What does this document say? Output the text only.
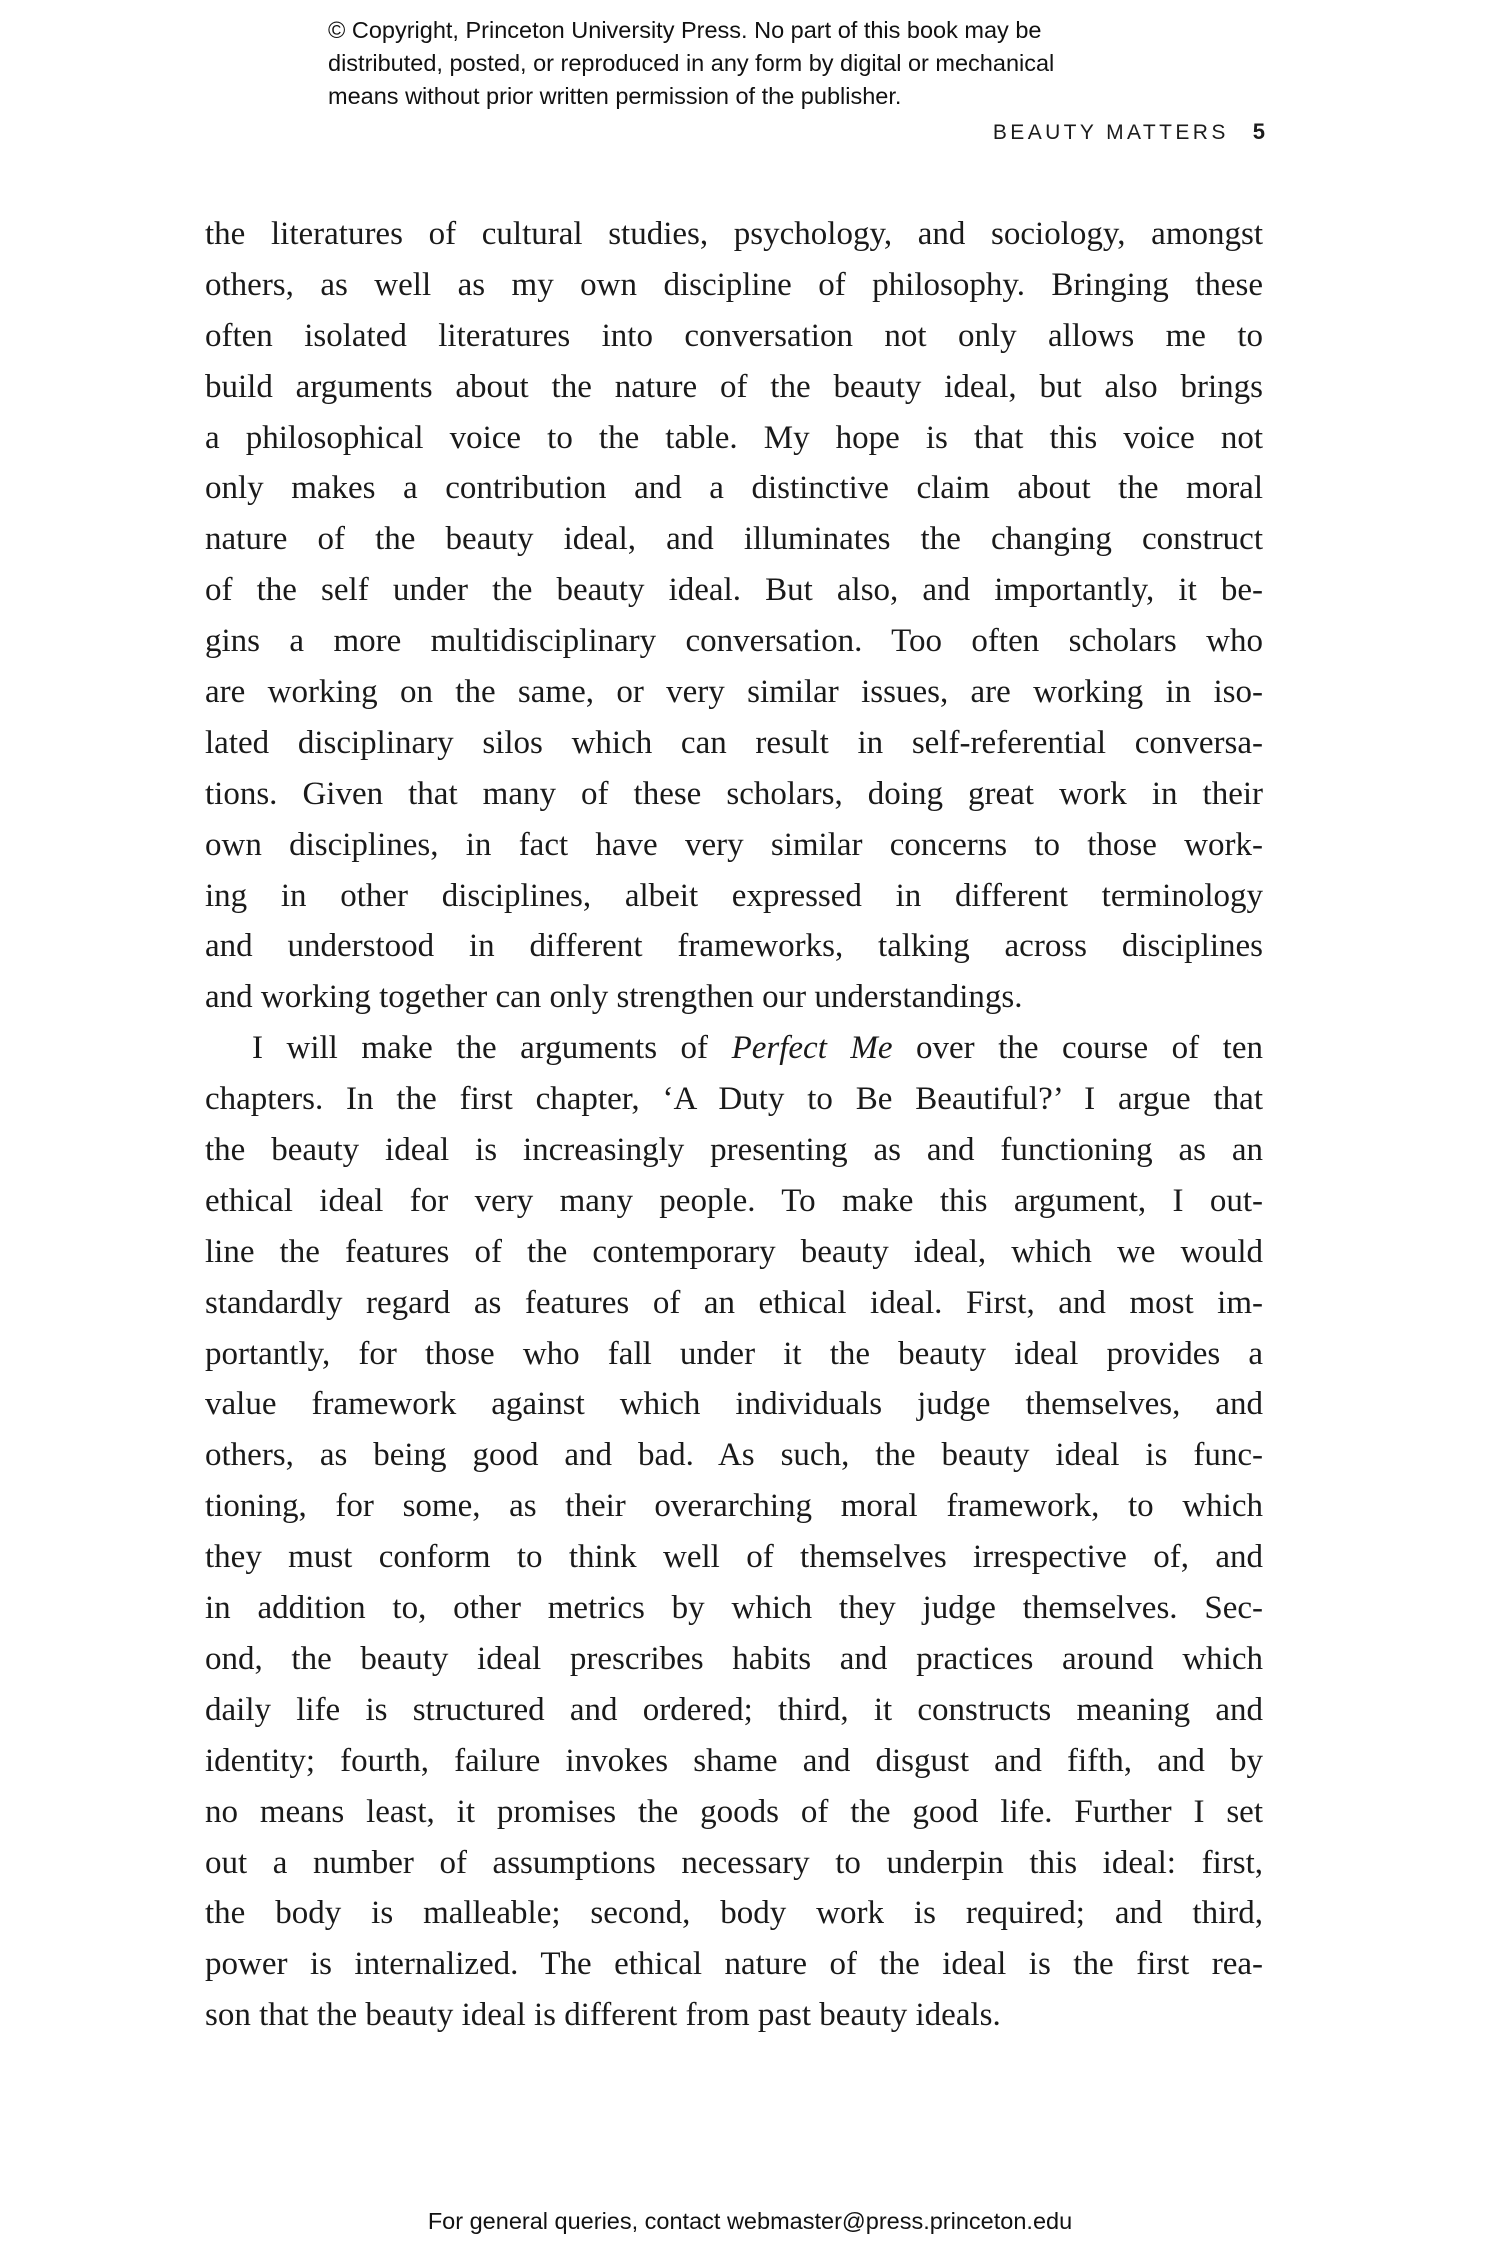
© Copyright, Princeton University Press. No part of this book may be
distributed, posted, or reproduced in any form by digital or mechanical
means without prior written permission of the publisher.
BEAUTY MATTERS 5
the literatures of cultural studies, psychology, and sociology, amongst
others, as well as my own discipline of philosophy. Bringing these
often isolated literatures into conversation not only allows me to
build arguments about the nature of the beauty ideal, but also brings
a philosophical voice to the table. My hope is that this voice not
only makes a contribution and a distinctive claim about the moral
nature of the beauty ideal, and illuminates the changing construct
of the self under the beauty ideal. But also, and importantly, it be-
gins a more multidisciplinary conversation. Too often scholars who
are working on the same, or very similar issues, are working in iso-
lated disciplinary silos which can result in self-referential conversa-
tions. Given that many of these scholars, doing great work in their
own disciplines, in fact have very similar concerns to those work-
ing in other disciplines, albeit expressed in different terminology
and understood in different frameworks, talking across disciplines
and working together can only strengthen our understandings.
I will make the arguments of Perfect Me over the course of ten
chapters. In the first chapter, ‘A Duty to Be Beautiful?’ I argue that
the beauty ideal is increasingly presenting as and functioning as an
ethical ideal for very many people. To make this argument, I out-
line the features of the contemporary beauty ideal, which we would
standardly regard as features of an ethical ideal. First, and most im-
portantly, for those who fall under it the beauty ideal provides a
value framework against which individuals judge themselves, and
others, as being good and bad. As such, the beauty ideal is func-
tioning, for some, as their overarching moral framework, to which
they must conform to think well of themselves irrespective of, and
in addition to, other metrics by which they judge themselves. Sec-
ond, the beauty ideal prescribes habits and practices around which
daily life is structured and ordered; third, it constructs meaning and
identity; fourth, failure invokes shame and disgust and fifth, and by
no means least, it promises the goods of the good life. Further I set
out a number of assumptions necessary to underpin this ideal: first,
the body is malleable; second, body work is required; and third,
power is internalized. The ethical nature of the ideal is the first rea-
son that the beauty ideal is different from past beauty ideals.
For general queries, contact webmaster@press.princeton.edu
